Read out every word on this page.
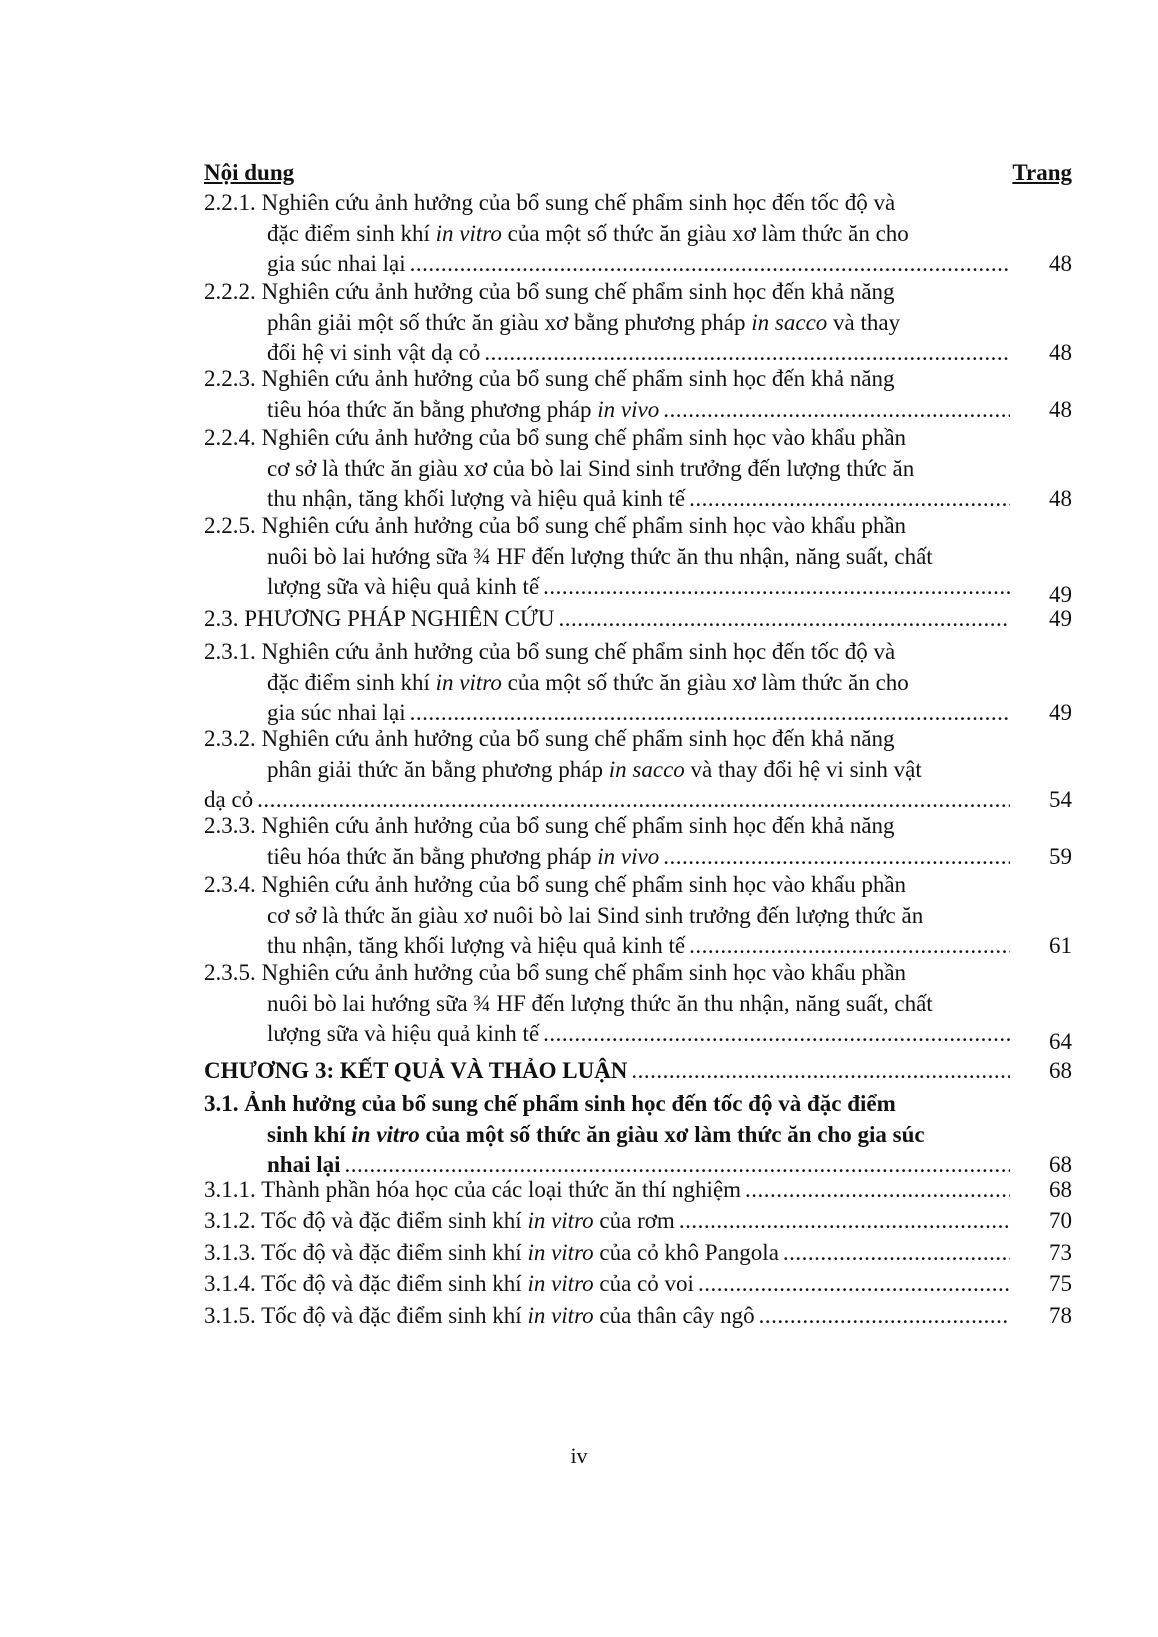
Nội dung	Trang
2.2.1. Nghiên cứu ảnh hưởng của bổ sung chế phẩm sinh học đến tốc độ và
đặc điểm sinh khí in vitro của một số thức ăn giàu xơ làm thức ăn cho
gia súc nhai lại .....	48
2.2.2. Nghiên cứu ảnh hưởng của bổ sung chế phẩm sinh học đến khả năng
phân giải một số thức ăn giàu xơ bằng phương pháp in sacco và thay
đổi hệ vi sinh vật dạ cỏ .....	48
2.2.3. Nghiên cứu ảnh hưởng của bổ sung chế phẩm sinh học đến khả năng
tiêu hóa thức ăn bằng phương pháp in vivo .....	48
2.2.4. Nghiên cứu ảnh hưởng của bổ sung chế phẩm sinh học vào khẩu phần
cơ sở là thức ăn giàu xơ của bò lai Sind sinh trưởng đến lượng thức ăn
thu nhận, tăng khối lượng và hiệu quả kinh tế .....	48
2.2.5. Nghiên cứu ảnh hưởng của bổ sung chế phẩm sinh học vào khẩu phần
nuôi bò lai hướng sữa ¾ HF đến lượng thức ăn thu nhận, năng suất, chất
lượng sữa và hiệu quả kinh tế .....	49
2.3. PHƯƠNG PHÁP NGHIÊN CỨU .....	49
2.3.1. Nghiên cứu ảnh hưởng của bổ sung chế phẩm sinh học đến tốc độ và
đặc điểm sinh khí in vitro của một số thức ăn giàu xơ làm thức ăn cho
gia súc nhai lại .....	49
2.3.2. Nghiên cứu ảnh hưởng của bổ sung chế phẩm sinh học đến khả năng
phân giải thức ăn bằng phương pháp in sacco và thay đổi hệ vi sinh vật
dạ cỏ .....	54
2.3.3. Nghiên cứu ảnh hưởng của bổ sung chế phẩm sinh học đến khả năng
tiêu hóa thức ăn bằng phương pháp in vivo .....	59
2.3.4. Nghiên cứu ảnh hưởng của bổ sung chế phẩm sinh học vào khẩu phần
cơ sở là thức ăn giàu xơ nuôi bò lai Sind sinh trưởng đến lượng thức ăn
thu nhận, tăng khối lượng và hiệu quả kinh tế .....	61
2.3.5. Nghiên cứu ảnh hưởng của bổ sung chế phẩm sinh học vào khẩu phần
nuôi bò lai hướng sữa ¾ HF đến lượng thức ăn thu nhận, năng suất, chất
lượng sữa và hiệu quả kinh tế .....	64
CHƯƠNG 3: KẾT QUẢ VÀ THẢO LUẬN .....	68
3.1. Ảnh hưởng của bổ sung chế phẩm sinh học đến tốc độ và đặc điểm
sinh khí in vitro của một số thức ăn giàu xơ làm thức ăn cho gia súc
nhai lại .....	68
3.1.1. Thành phần hóa học của các loại thức ăn thí nghiệm .....	68
3.1.2. Tốc độ và đặc điểm sinh khí in vitro của rơm .....	70
3.1.3. Tốc độ và đặc điểm sinh khí in vitro của cỏ khô Pangola .....	73
3.1.4. Tốc độ và đặc điểm sinh khí in vitro của cỏ voi .....	75
3.1.5. Tốc độ và đặc điểm sinh khí in vitro của thân cây ngô .....	78
iv
